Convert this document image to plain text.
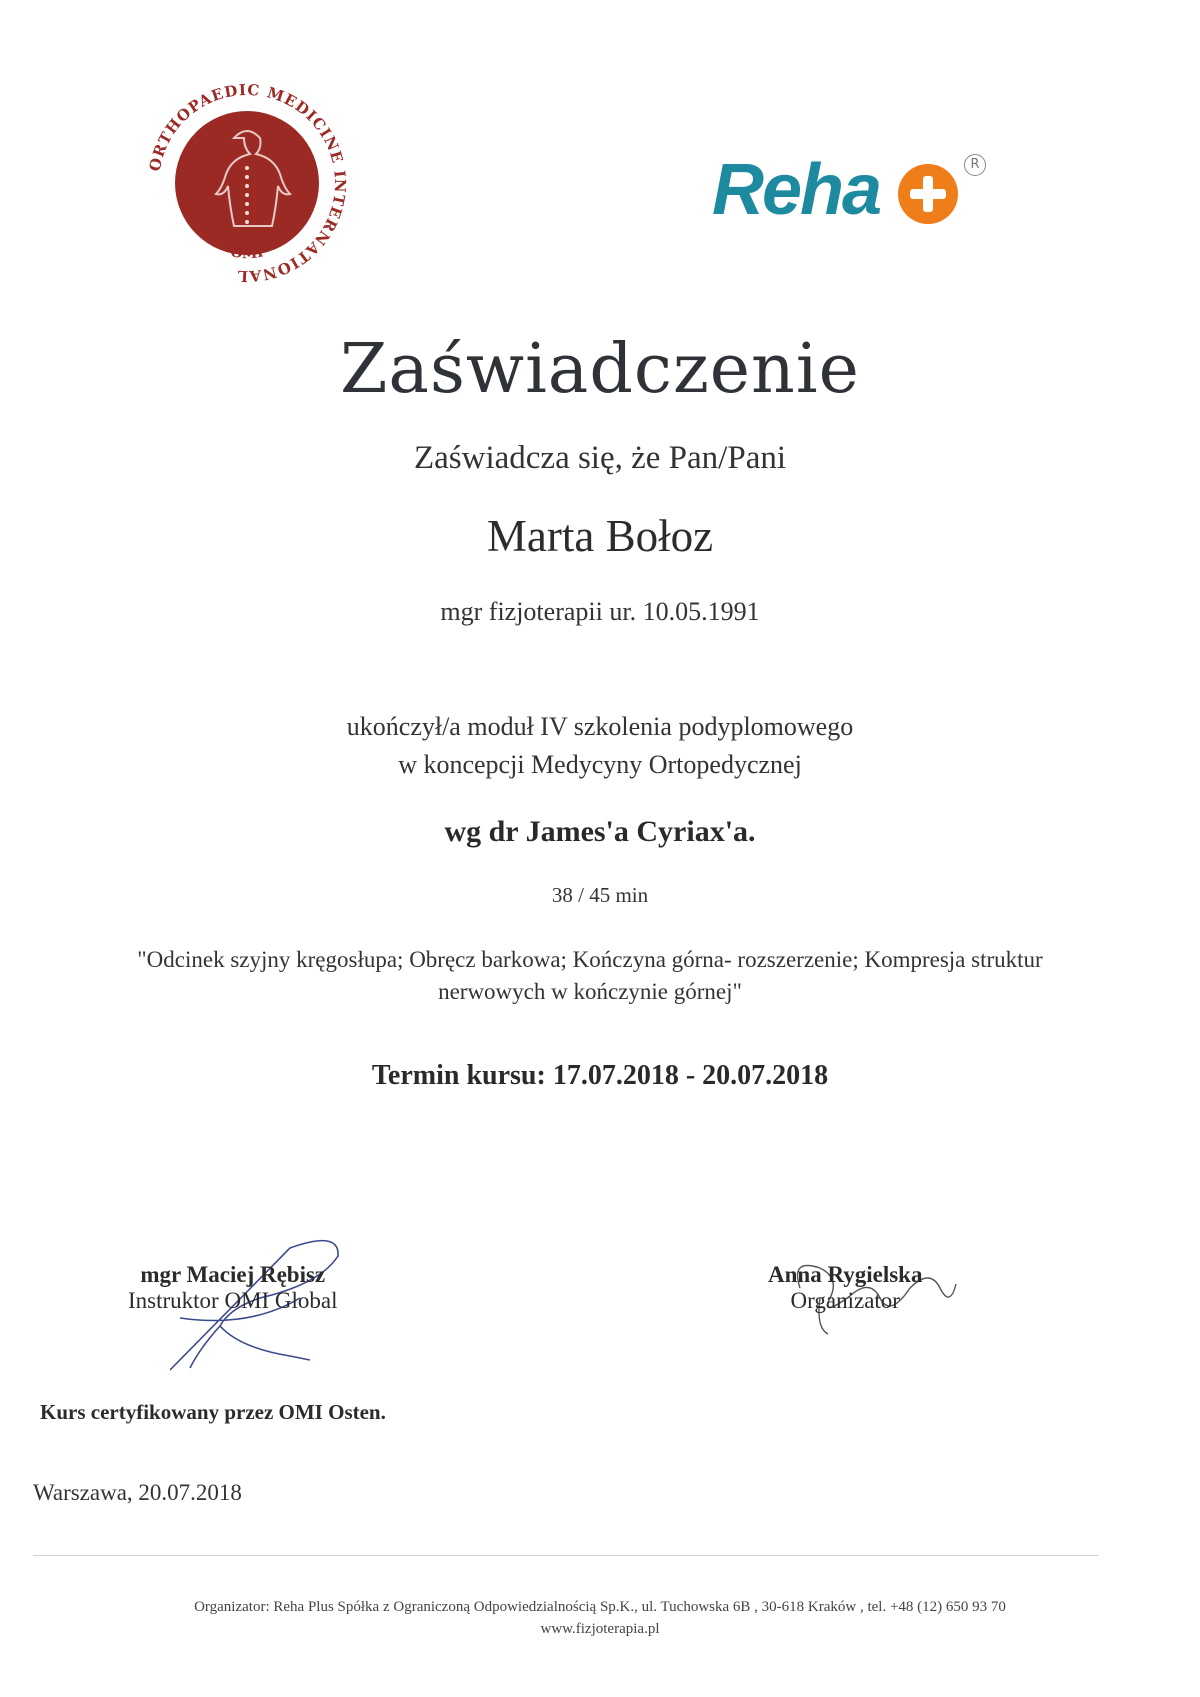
ORTHOPAEDIC MEDICINE INTERNATIONAL
· OMI ·
Reha	R
Zaświadczenie
Zaświadcza się, że Pan/Pani
Marta Bołoz
mgr fizjoterapii ur. 10.05.1991
ukończył/a moduł IV szkolenia podyplomowego
w koncepcji Medycyny Ortopedycznej
wg dr James'a Cyriax'a.
38 / 45 min
"Odcinek szyjny kręgosłupa; Obręcz barkowa; Kończyna górna- rozszerzenie; Kompresja struktur
nerwowych w kończynie górnej"
Termin kursu: 17.07.2018 - 20.07.2018
mgr Maciej Rębisz
Instruktor OMI Global
Anna Rygielska
Organizator
Kurs certyfikowany przez OMI Osten.
Warszawa, 20.07.2018
Organizator: Reha Plus Spółka z Ograniczoną Odpowiedzialnością Sp.K., ul. Tuchowska 6B , 30-618 Kraków , tel. +48 (12) 650 93 70
www.fizjoterapia.pl
